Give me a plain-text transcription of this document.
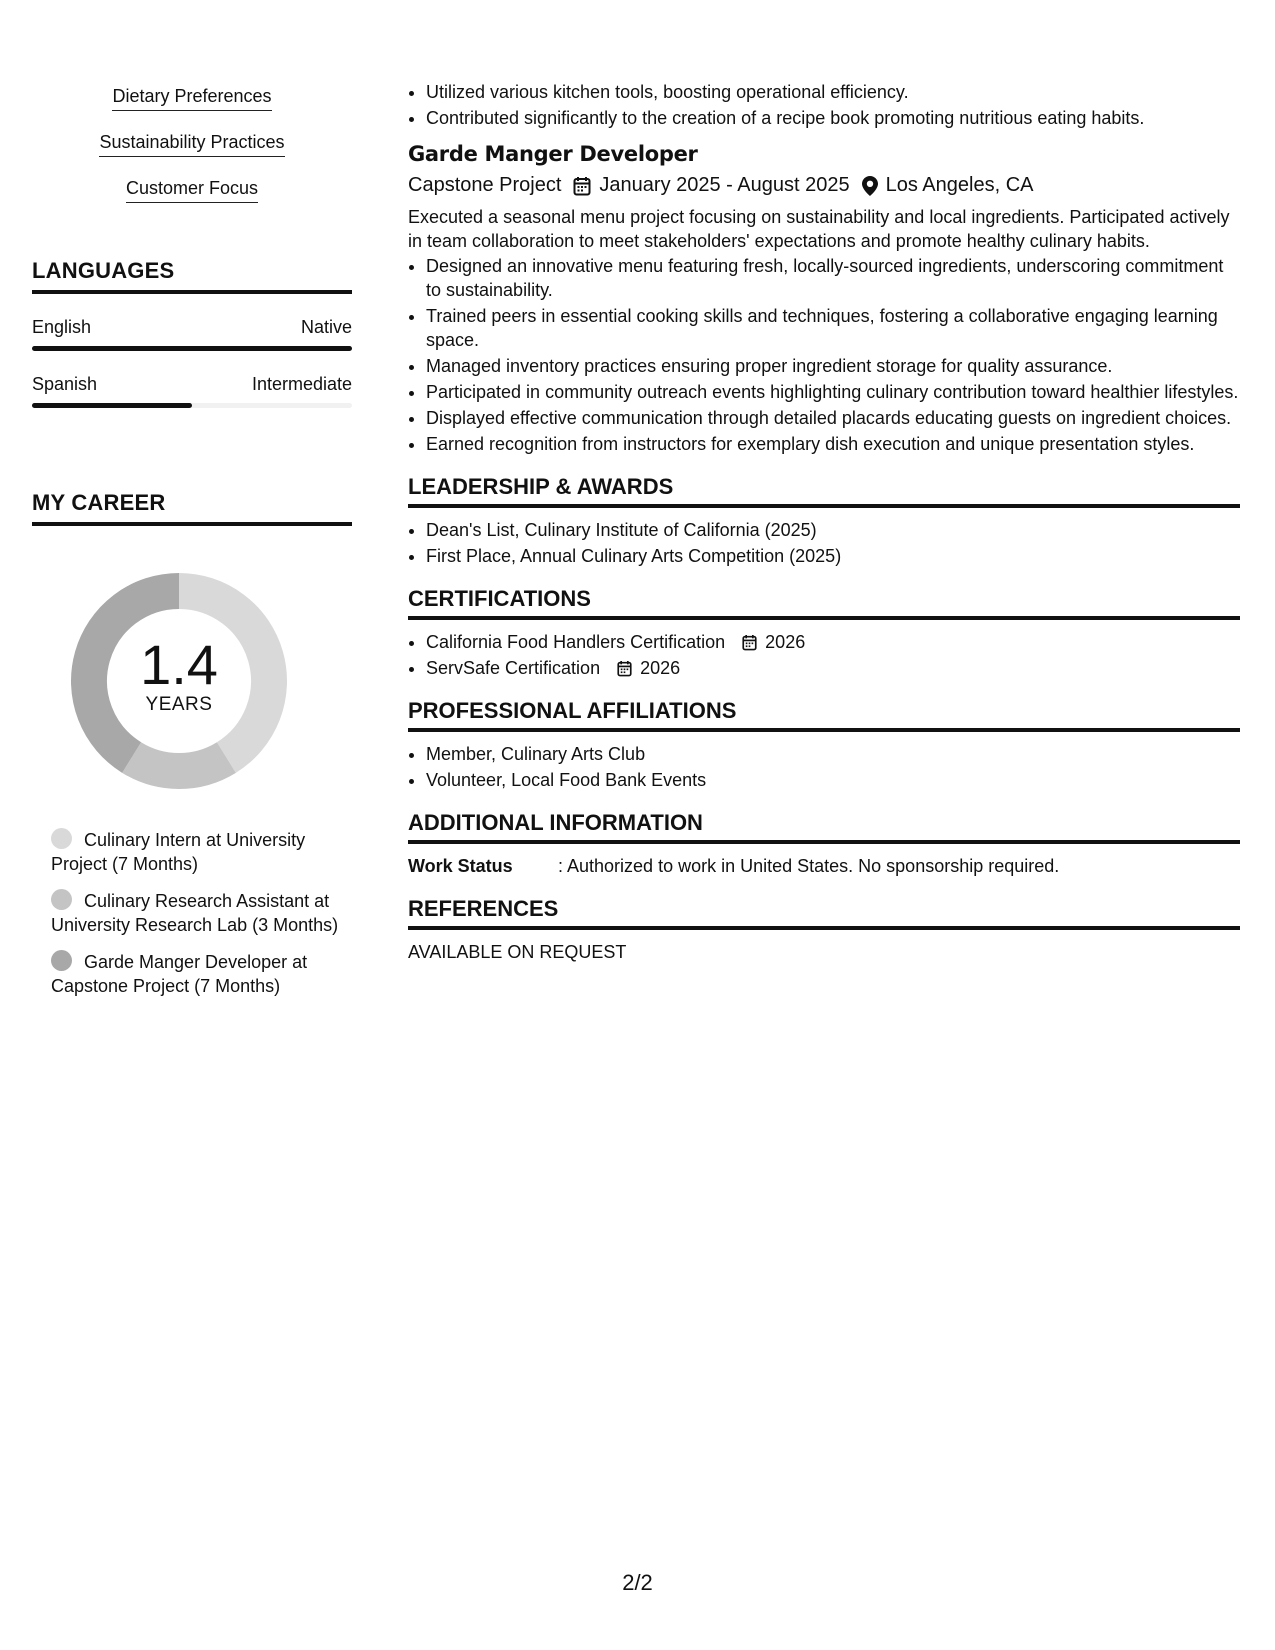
Dietary Preferences
Sustainability Practices
Customer Focus
LANGUAGES
English	Native
Spanish	Intermediate
MY CAREER
1.4
YEARS
Culinary Intern at University Project (7 Months)
Culinary Research Assistant at University Research Lab (3 Months)
Garde Manger Developer at Capstone Project (7 Months)
• Utilized various kitchen tools, boosting operational efficiency.
• Contributed significantly to the creation of a recipe book promoting nutritious eating habits.
Garde Manger Developer
Capstone Project January 2025 - August 2025 Los Angeles, CA
Executed a seasonal menu project focusing on sustainability and local ingredients. Participated actively in team collaboration to meet stakeholders' expectations and promote healthy culinary habits.
• Designed an innovative menu featuring fresh, locally-sourced ingredients, underscoring commitment to sustainability.
• Trained peers in essential cooking skills and techniques, fostering a collaborative engaging learning space.
• Managed inventory practices ensuring proper ingredient storage for quality assurance.
• Participated in community outreach events highlighting culinary contribution toward healthier lifestyles.
• Displayed effective communication through detailed placards educating guests on ingredient choices.
• Earned recognition from instructors for exemplary dish execution and unique presentation styles.
LEADERSHIP & AWARDS
• Dean's List, Culinary Institute of California (2025)
• First Place, Annual Culinary Arts Competition (2025)
CERTIFICATIONS
• California Food Handlers Certification 2026
• ServSafe Certification 2026
PROFESSIONAL AFFILIATIONS
• Member, Culinary Arts Club
• Volunteer, Local Food Bank Events
ADDITIONAL INFORMATION
Work Status	: Authorized to work in United States. No sponsorship required.
REFERENCES
AVAILABLE ON REQUEST
2/2
